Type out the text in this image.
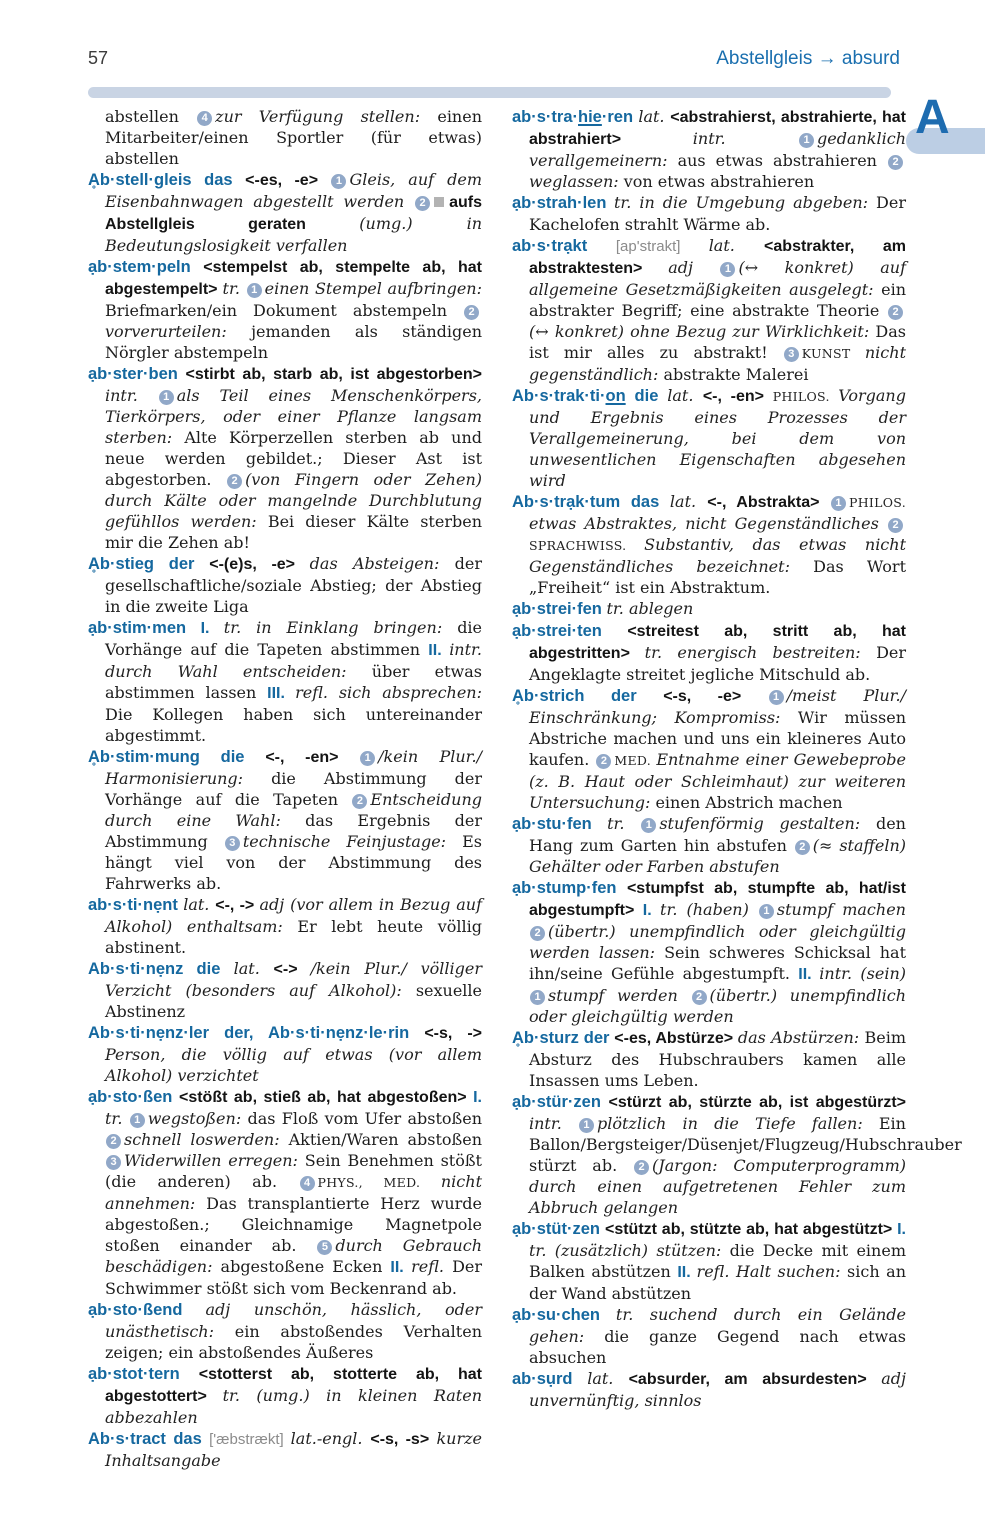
57	Abstellgleis → absurd
A

abstellen 4 zur Verfügung stellen: einen Mitarbeiter/einen Sportler (für etwas) abstellen

Ḁb·stell·gleis das <-es, -e> 1 Gleis, auf dem Eisenbahnwagen abgestellt werden 2 aufs Abstellgleis geraten (umg.) in Bedeutungslosigkeit verfallen

ạb·stem·peln <stempelst ab, stempelte ab, hat abgestempelt> tr. 1 einen Stempel aufbringen: Briefmarken/ein Dokument abstempeln 2vorverurteilen: jemanden als ständigen Nörgler abstempeln

ạb·ster·ben <stirbt ab, starb ab, ist abgestorben> intr. 1 als Teil eines Menschenkörpers, Tierkörpers, oder einer Pflanze langsam sterben: Alte Körperzellen sterben ab und neue werden gebildet.; Dieser Ast ist abgestorben. 2 (von Fingern oder Zehen) durch Kälte oder mangelnde Durchblutung gefühllos werden: Bei dieser Kälte sterben mir die Zehen ab!

Ḁb·stieg der <-(e)s, -e> das Absteigen: der gesellschaftliche/soziale Abstieg; der Abstieg in die zweite Liga

ạb·stim·men I. tr. in Einklang bringen: die Vorhänge auf die Tapeten abstimmen II. intr. durch Wahl entscheiden: über etwas abstimmen lassen III. refl. sich absprechen: Die Kollegen haben sich untereinander abgestimmt.

Ḁb·stim·mung die <-, -en> 1 /kein Plur./ Harmonisierung: die Abstimmung der Vorhänge auf die Tapeten 2 Entscheidung durch eine Wahl: das Ergebnis der Abstimmung 3 technische Feinjustage: Es hängt viel von der Abstimmung des Fahrwerks ab.

ab·s·ti·nẹnt lat. <-, -> adj (vor allem in Bezug auf Alkohol) enthaltsam: Er lebt heute völlig abstinent.

Ab·s·ti·nẹnz die lat. <-> /kein Plur./ völliger Verzicht (besonders auf Alkohol): sexuelle Abstinenz

Ab·s·ti·nẹnz·ler der, Ab·s·ti·nẹnz·le·rin <-s, -> Person, die völlig auf etwas (vor allem Alkohol) verzichtet

ạb·sto·ßen <stößt ab, stieß ab, hat abgestoßen> I. tr. 1 wegstoßen: das Floß vom Ufer abstoßen 2 schnell loswerden: Aktien/Waren abstoßen 3 Widerwillen erregen: Sein Benehmen stößt (die anderen) ab. 4 PHYS., MED. nicht annehmen: Das transplantierte Herz wurde abgestoßen.; Gleichnamige Magnetpole stoßen einander ab. 5 durch Gebrauch beschädigen: abgestoßene Ecken II. refl. Der Schwimmer stößt sich vom Beckenrand ab.

ạb·sto·ßend adj unschön, hässlich, oder unästhetisch: ein abstoßendes Verhalten zeigen; ein abstoßendes Äußeres

ạb·stot·tern <stotterst ab, stotterte ab, hat abgestottert> tr. (umg.) in kleinen Raten abbezahlen

Ab·s·tract das ['æbstrækt] lat.-engl. <-s, -s> kurze Inhaltsangabe

ab·s·tra·hie·ren lat. <abstrahierst, abstrahierte, hat abstrahiert> intr. 1 gedanklich verallgemeinern: aus etwas abstrahieren 2weglassen: von etwas abstrahieren

ạb·strah·len tr. in die Umgebung abgeben: Der Kachelofen strahlt Wärme ab.

ab·s·trạkt [ap'strakt] lat. <abstrakter, am abstraktesten> adj 1 (↔ konkret) auf allgemeine Gesetzmäßigkeiten ausgelegt: ein abstrakter Begriff; eine abstrakte Theorie 2(↔ konkret) ohne Bezug zur Wirklichkeit: Das ist mir alles zu abstrakt! 3 KUNST nicht gegenständlich: abstrakte Malerei

Ab·s·trak·ti·on die lat. <-, -en> PHILOS. Vorgang und Ergebnis eines Prozesses der Verallgemeinerung, bei dem von unwesentlichen Eigenschaften abgesehen wird

Ab·s·trạk·tum das lat. <-, Abstrakta> 1 PHILOS. etwas Abstraktes, nicht Gegenständliches 2SPRACHWISS. Substantiv, das etwas nicht Gegenständliches bezeichnet: Das Wort „Freiheit“ ist ein Abstraktum.

ạb·strei·fen tr. ablegen

ạb·strei·ten <streitest ab, stritt ab, hat abgestritten> tr. energisch bestreiten: Der Angeklagte streitet jegliche Mitschuld ab.

Ḁb·strich der <-s, -e> 1 /meist Plur./ Einschränkung; Kompromiss: Wir müssen Abstriche machen und uns ein kleineres Auto kaufen. 2 MED. Entnahme einer Gewebeprobe (z. B. Haut oder Schleimhaut) zur weiteren Untersuchung: einen Abstrich machen

ạb·stu·fen tr. 1 stufenförmig gestalten: den Hang zum Garten hin abstufen 2 (≈ staffeln) Gehälter oder Farben abstufen

ạb·stump·fen <stumpfst ab, stumpfte ab, hat/ist abgestumpft> I. tr. (haben) 1 stumpf machen 2 (übertr.) unempfindlich oder gleichgültig werden lassen: Sein schweres Schicksal hat ihn/seine Gefühle abgestumpft. II. intr. (sein) 1 stumpf werden 2 (übertr.) unempfindlich oder gleichgültig werden

Ḁb·sturz der <-es, Abstürze> das Abstürzen: Beim Absturz des Hubschraubers kamen alle Insassen ums Leben.

ạb·stür·zen <stürzt ab, stürzte ab, ist abgestürzt> intr. 1 plötzlich in die Tiefe fallen: Ein Ballon/Bergsteiger/Düsenjet/Flugzeug/Hubschrauber stürzt ab. 2 (Jargon: Computerprogramm) durch einen aufgetretenen Fehler zum Abbruch gelangen

ạb·stüt·zen <stützt ab, stützte ab, hat abgestützt> I. tr. (zusätzlich) stützen: die Decke mit einem Balken abstützen II. refl. Halt suchen: sich an der Wand abstützen

ạb·su·chen tr. suchend durch ein Gelände gehen: die ganze Gegend nach etwas absuchen

ab·sụrd lat. <absurder, am absurdesten> adj unvernünftig, sinnlos
